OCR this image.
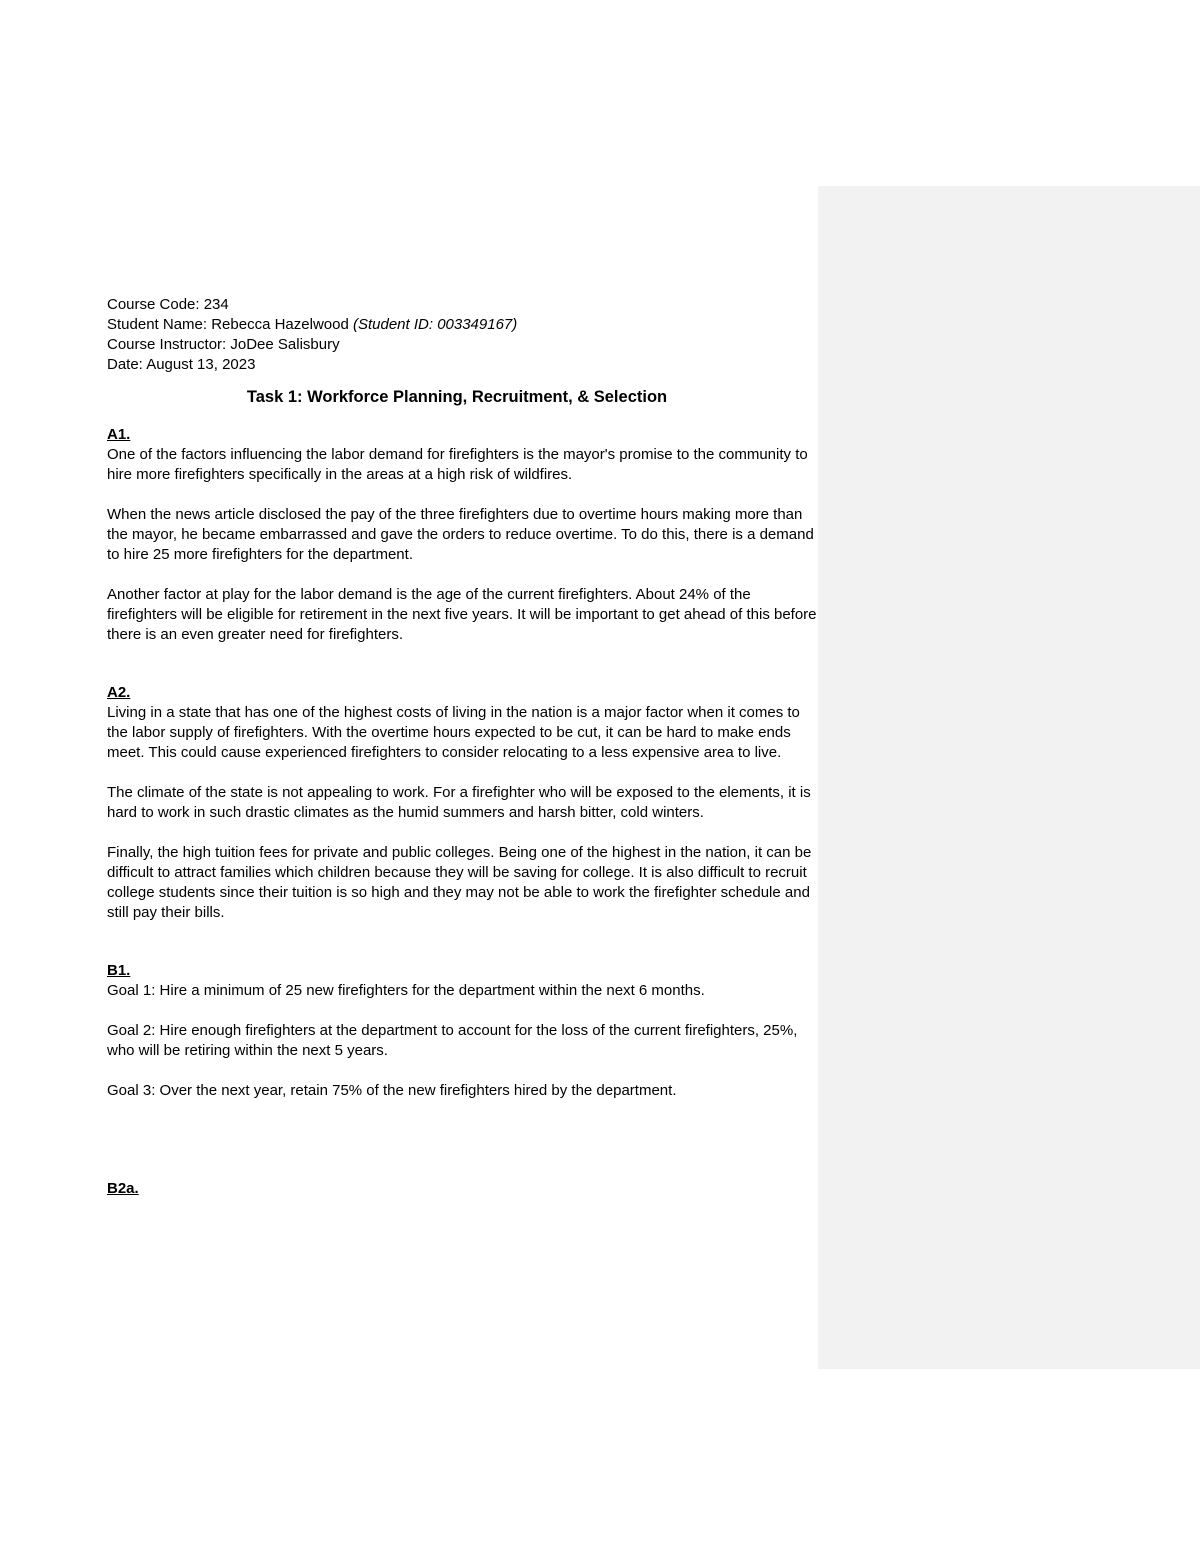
Course Code: 234

Student Name: Rebecca Hazelwood (Student ID: 003349167)

Course Instructor: JoDee Salisbury

Date: August 13, 2023

Task 1: Workforce Planning, Recruitment, & Selection

A1.

One of the factors influencing the labor demand for firefighters is the mayor's promise to the community to hire more firefighters specifically in the areas at a high risk of wildfires.

When the news article disclosed the pay of the three firefighters due to overtime hours making more than the mayor, he became embarrassed and gave the orders to reduce overtime. To do this, there is a demand to hire 25 more firefighters for the department.

Another factor at play for the labor demand is the age of the current firefighters. About 24% of the firefighters will be eligible for retirement in the next five years. It will be important to get ahead of this before there is an even greater need for firefighters.

A2.

Living in a state that has one of the highest costs of living in the nation is a major factor when it comes to the labor supply of firefighters. With the overtime hours expected to be cut, it can be hard to make ends meet. This could cause experienced firefighters to consider relocating to a less expensive area to live.

The climate of the state is not appealing to work. For a firefighter who will be exposed to the elements, it is hard to work in such drastic climates as the humid summers and harsh bitter, cold winters.

Finally, the high tuition fees for private and public colleges. Being one of the highest in the nation, it can be difficult to attract families which children because they will be saving for college. It is also difficult to recruit college students since their tuition is so high and they may not be able to work the firefighter schedule and still pay their bills.

B1.

Goal 1: Hire a minimum of 25 new firefighters for the department within the next 6 months.

Goal 2: Hire enough firefighters at the department to account for the loss of the current firefighters, 25%, who will be retiring within the next 5 years.

Goal 3: Over the next year, retain 75% of the new firefighters hired by the department.

B2a.
